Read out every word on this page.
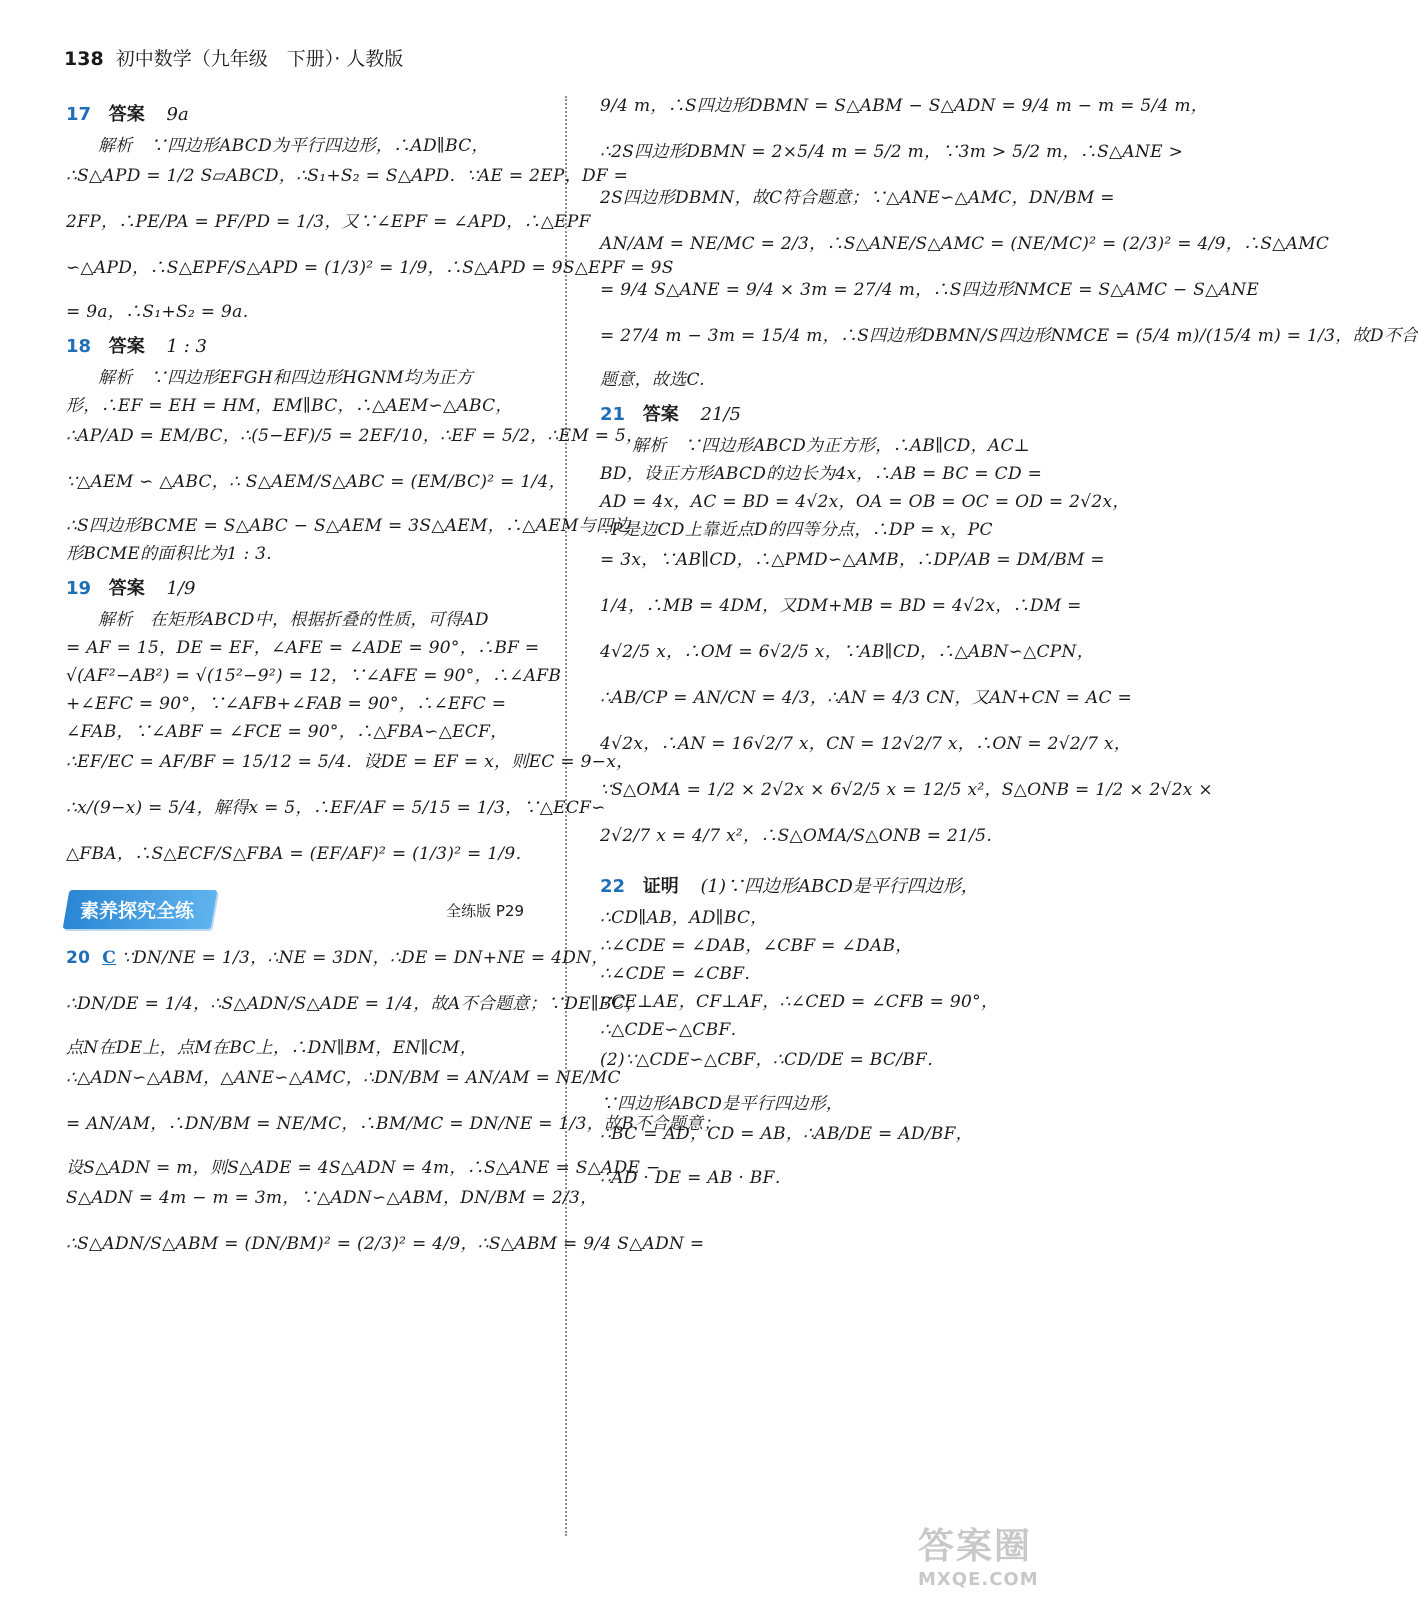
138 初中数学（九年级　下册）· 人教版
17 答案 9a
解析　∵四边形ABCD为平行四边形，∴AD∥BC，
∴S△APD = 1/2 S▱ABCD，∴S₁+S₂ = S△APD．∵AE = 2EP，DF =
2FP，∴PE/PA = PF/PD = 1/3，又∵∠EPF = ∠APD，∴△EPF
∽△APD，∴S△EPF/S△APD = (1/3)² = 1/9，∴S△APD = 9S△EPF = 9S
= 9a，∴S₁+S₂ = 9a．
18 答案 1 : 3
解析　∵四边形EFGH和四边形HGNM均为正方
形，∴EF = EH = HM，EM∥BC，∴△AEM∽△ABC，
∴AP/AD = EM/BC，∴(5−EF)/5 = 2EF/10，∴EF = 5/2，∴EM = 5，
∵△AEM ∽ △ABC，∴ S△AEM/S△ABC = (EM/BC)² = 1/4，
∴S四边形BCME = S△ABC − S△AEM = 3S△AEM，∴△AEM与四边
形BCME的面积比为1 : 3.
19 答案 1/9
解析　在矩形ABCD中，根据折叠的性质，可得AD
= AF = 15，DE = EF，∠AFE = ∠ADE = 90°，∴BF =
√(AF²−AB²) = √(15²−9²) = 12，∵∠AFE = 90°，∴∠AFB
+∠EFC = 90°，∵∠AFB+∠FAB = 90°，∴∠EFC =
∠FAB，∵∠ABF = ∠FCE = 90°，∴△FBA∽△ECF，
∴EF/EC = AF/BF = 15/12 = 5/4．设DE = EF = x，则EC = 9−x，
∴x/(9−x) = 5/4，解得x = 5，∴EF/AF = 5/15 = 1/3，∵△ECF∽
△FBA，∴S△ECF/S△FBA = (EF/AF)² = (1/3)² = 1/9．
素养探究全练	全练版 P29
20 C ∵DN/NE = 1/3，∴NE = 3DN，∴DE = DN+NE = 4DN，
∴DN/DE = 1/4，∴S△ADN/S△ADE = 1/4，故A不合题意；∵DE∥BC，
点N在DE上，点M在BC上，∴DN∥BM，EN∥CM，
∴△ADN∽△ABM，△ANE∽△AMC，∴DN/BM = AN/AM = NE/MC
= AN/AM，∴DN/BM = NE/MC，∴BM/MC = DN/NE = 1/3，故B不合题意；
设S△ADN = m，则S△ADE = 4S△ADN = 4m，∴S△ANE = S△ADE −
S△ADN = 4m − m = 3m，∵△ADN∽△ABM，DN/BM = 2/3，
∴S△ADN/S△ABM = (DN/BM)² = (2/3)² = 4/9，∴S△ABM = 9/4 S△ADN =
9/4 m，∴S四边形DBMN = S△ABM − S△ADN = 9/4 m − m = 5/4 m，
∴2S四边形DBMN = 2×5/4 m = 5/2 m，∵3m > 5/2 m，∴S△ANE >
2S四边形DBMN，故C符合题意；∵△ANE∽△AMC，DN/BM =
AN/AM = NE/MC = 2/3，∴S△ANE/S△AMC = (NE/MC)² = (2/3)² = 4/9，∴S△AMC
= 9/4 S△ANE = 9/4 × 3m = 27/4 m，∴S四边形NMCE = S△AMC − S△ANE
= 27/4 m − 3m = 15/4 m，∴S四边形DBMN/S四边形NMCE = (5/4 m)/(15/4 m) = 1/3，故D不合
题意，故选C.
21 答案 21/5
解析　∵四边形ABCD为正方形，∴AB∥CD，AC⊥
BD，设正方形ABCD的边长为4x，∴AB = BC = CD =
AD = 4x，AC = BD = 4√2x，OA = OB = OC = OD = 2√2x，
∵P是边CD上靠近点D的四等分点，∴DP = x，PC
= 3x，∵AB∥CD，∴△PMD∽△AMB，∴DP/AB = DM/BM =
1/4，∴MB = 4DM，又DM+MB = BD = 4√2x，∴DM =
4√2/5 x，∴OM = 6√2/5 x，∵AB∥CD，∴△ABN∽△CPN，
∴AB/CP = AN/CN = 4/3，∴AN = 4/3 CN，又AN+CN = AC =
4√2x，∴AN = 16√2/7 x，CN = 12√2/7 x，∴ON = 2√2/7 x，
∵S△OMA = 1/2 × 2√2x × 6√2/5 x = 12/5 x²，S△ONB = 1/2 × 2√2x ×
2√2/7 x = 4/7 x²，∴S△OMA/S△ONB = 21/5.
22 证明 (1)∵四边形ABCD是平行四边形，
∴CD∥AB，AD∥BC，
∴∠CDE = ∠DAB，∠CBF = ∠DAB，
∴∠CDE = ∠CBF．
∵CE⊥AE，CF⊥AF，∴∠CED = ∠CFB = 90°，
∴△CDE∽△CBF．
(2)∵△CDE∽△CBF，∴CD/DE = BC/BF．
∵四边形ABCD是平行四边形，
∴BC = AD，CD = AB，∴AB/DE = AD/BF，
∴AD · DE = AB · BF．
答案圈
MXQE.COM
